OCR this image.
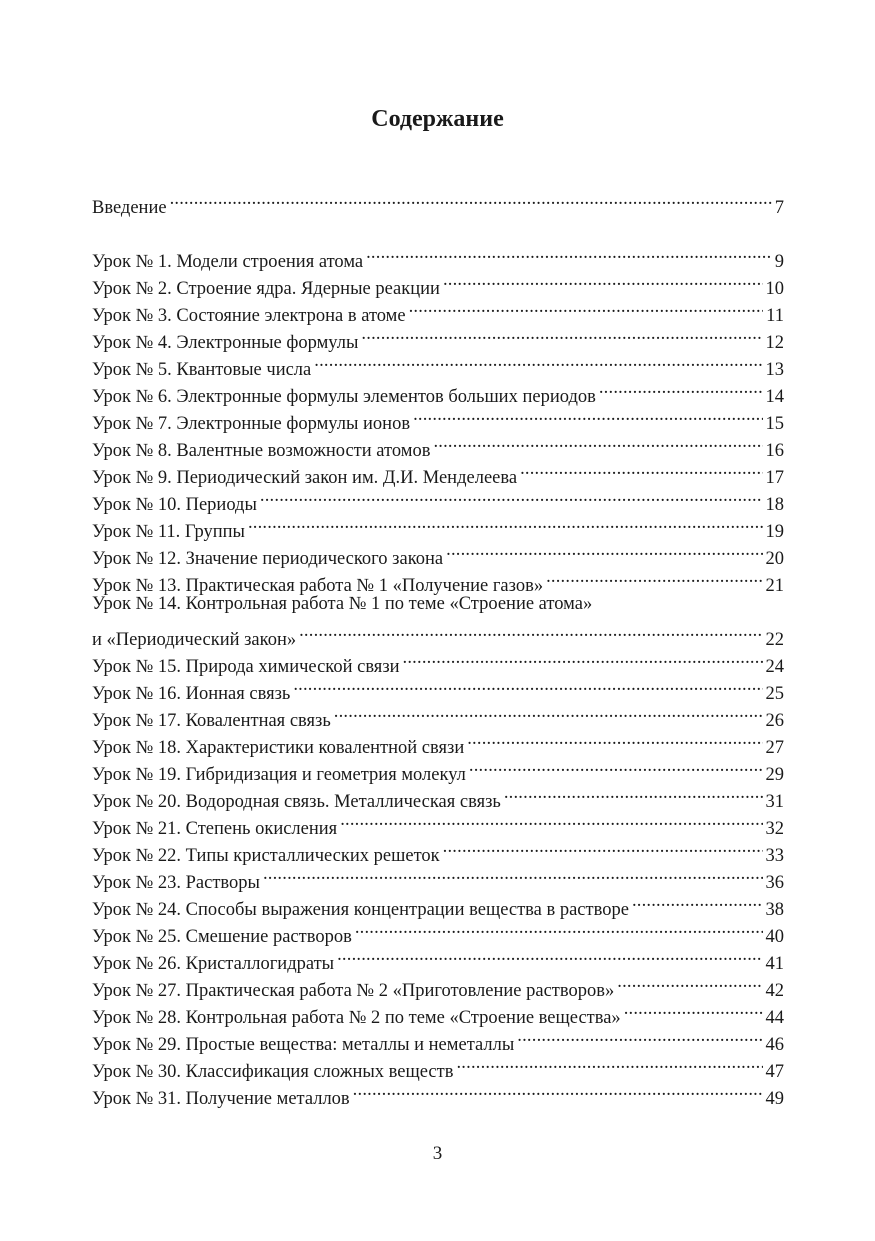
Содержание
Введение .....	7
Урок № 1. Модели строения атома .....	9
Урок № 2. Строение ядра. Ядерные реакции .....	10
Урок № 3. Состояние электрона в атоме .....	11
Урок № 4. Электронные формулы .....	12
Урок № 5. Квантовые числа .....	13
Урок № 6. Электронные формулы элементов больших периодов .....	14
Урок № 7. Электронные формулы ионов .....	15
Урок № 8. Валентные возможности атомов .....	16
Урок № 9. Периодический закон им. Д.И. Менделеева .....	17
Урок № 10. Периоды .....	18
Урок № 11. Группы .....	19
Урок № 12. Значение периодического закона .....	20
Урок № 13. Практическая работа № 1 «Получение газов» .....	21
Урок № 14. Контрольная работа № 1 по теме «Строение атома»
и «Периодический закон» .....	22
Урок № 15. Природа химической связи .....	24
Урок № 16. Ионная связь .....	25
Урок № 17. Ковалентная связь .....	26
Урок № 18. Характеристики ковалентной связи .....	27
Урок № 19. Гибридизация и геометрия молекул .....	29
Урок № 20. Водородная связь. Металлическая связь .....	31
Урок № 21. Степень окисления .....	32
Урок № 22. Типы кристаллических решеток .....	33
Урок № 23. Растворы .....	36
Урок № 24. Способы выражения концентрации вещества в растворе .....	38
Урок № 25. Смешение растворов .....	40
Урок № 26. Кристаллогидраты .....	41
Урок № 27. Практическая работа № 2 «Приготовление растворов» .....	42
Урок № 28. Контрольная работа № 2 по теме «Строение вещества» .....	44
Урок № 29. Простые вещества: металлы и неметаллы .....	46
Урок № 30. Классификация сложных веществ .....	47
Урок № 31. Получение металлов .....	49
3
